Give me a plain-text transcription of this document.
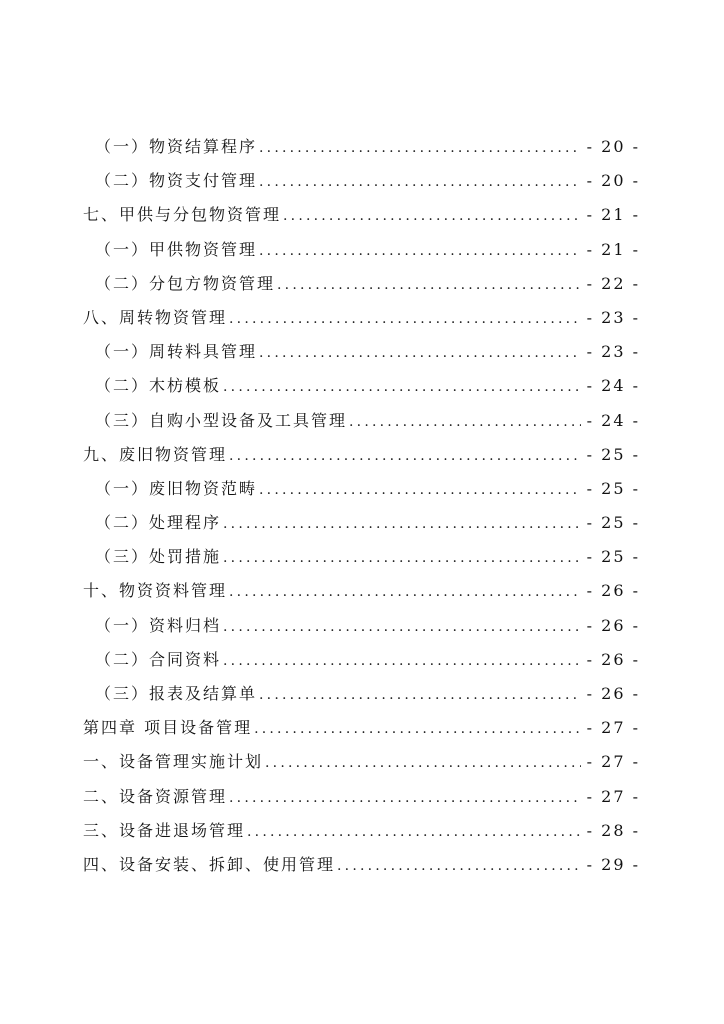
（一）物资结算程序 .....	- 20 -
（二）物资支付管理 .....	- 20 -
七、甲供与分包物资管理 .....	- 21 -
（一）甲供物资管理 .....	- 21 -
（二）分包方物资管理 .....	- 22 -
八、周转物资管理 .....	- 23 -
（一）周转料具管理 .....	- 23 -
（二）木枋模板 .....	- 24 -
（三）自购小型设备及工具管理 .....	- 24 -
九、废旧物资管理 .....	- 25 -
（一）废旧物资范畴 .....	- 25 -
（二）处理程序 .....	- 25 -
（三）处罚措施 .....	- 25 -
十、物资资料管理 .....	- 26 -
（一）资料归档 .....	- 26 -
（二）合同资料 .....	- 26 -
（三）报表及结算单 .....	- 26 -
第四章 项目设备管理 .....	- 27 -
一、设备管理实施计划 .....	- 27 -
二、设备资源管理 .....	- 27 -
三、设备进退场管理 .....	- 28 -
四、设备安装、拆卸、使用管理 .....	- 29 -
